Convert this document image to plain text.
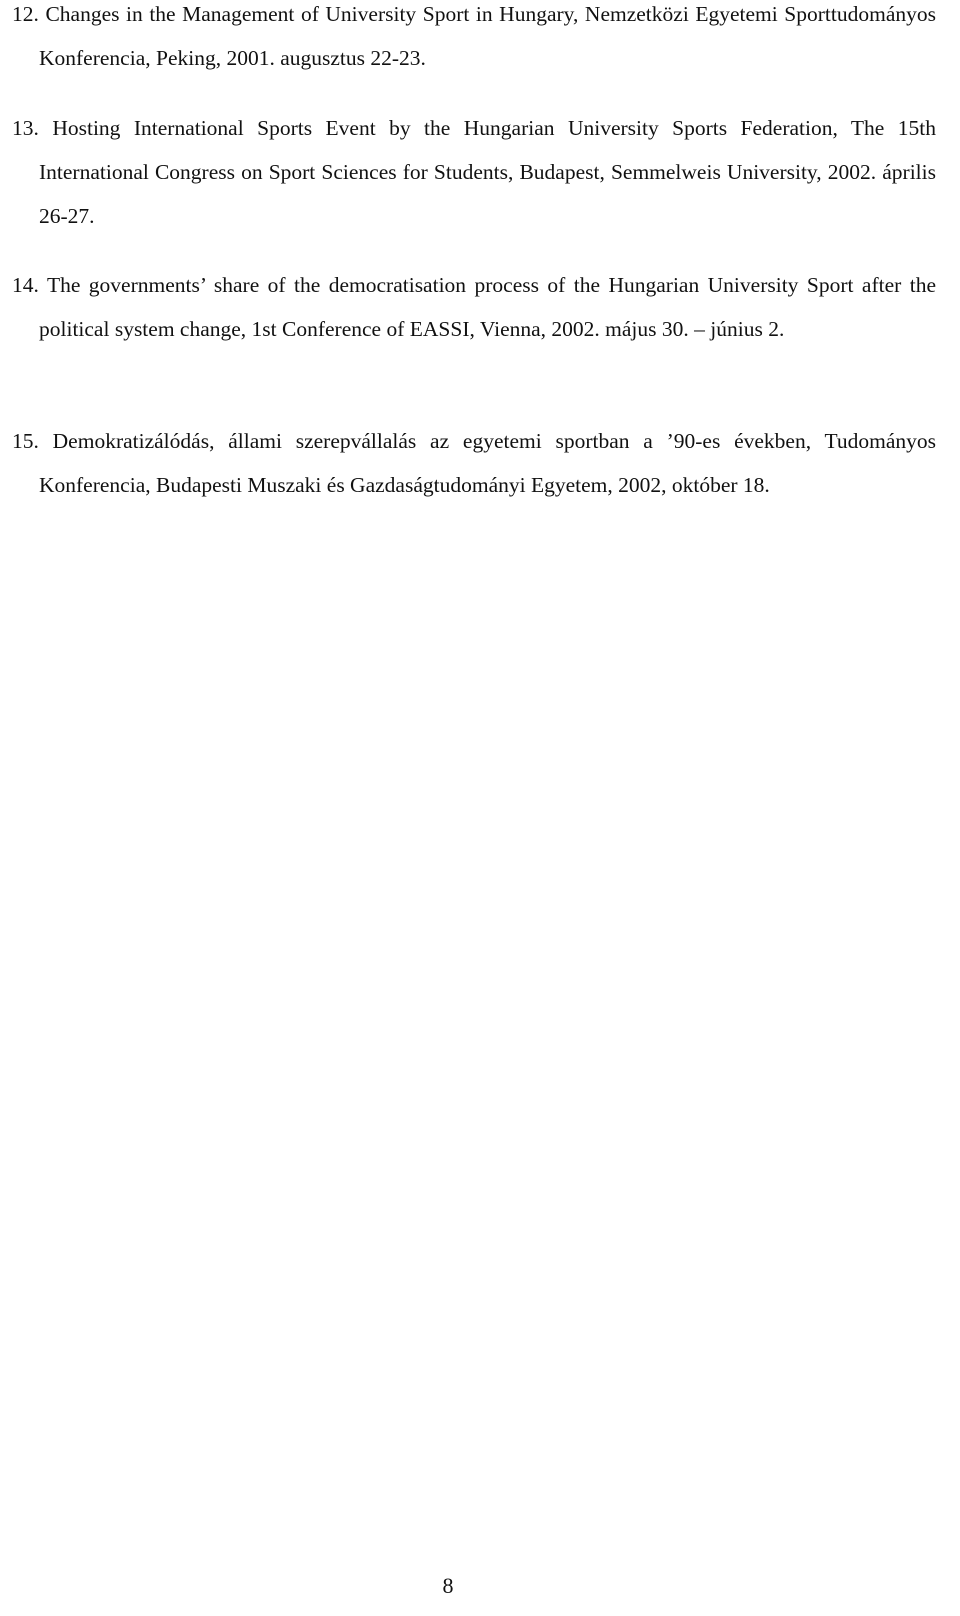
12. Changes in the Management of University Sport in Hungary, Nemzetközi Egyetemi Sporttudományos Konferencia, Peking, 2001. augusztus 22-23.

13. Hosting International Sports Event by the Hungarian University Sports Federation, The 15th International Congress on Sport Sciences for Students, Budapest, Semmelweis University, 2002. április 26-27.

14. The governments’ share of the democratisation process of the Hungarian University Sport after the political system change, 1st Conference of EASSI, Vienna, 2002. május 30. – június 2.

15. Demokratizálódás, állami szerepvállalás az egyetemi sportban a ’90-es években, Tudományos Konferencia, Budapesti Muszaki és Gazdaságtudományi Egyetem, 2002, október 18.

8
